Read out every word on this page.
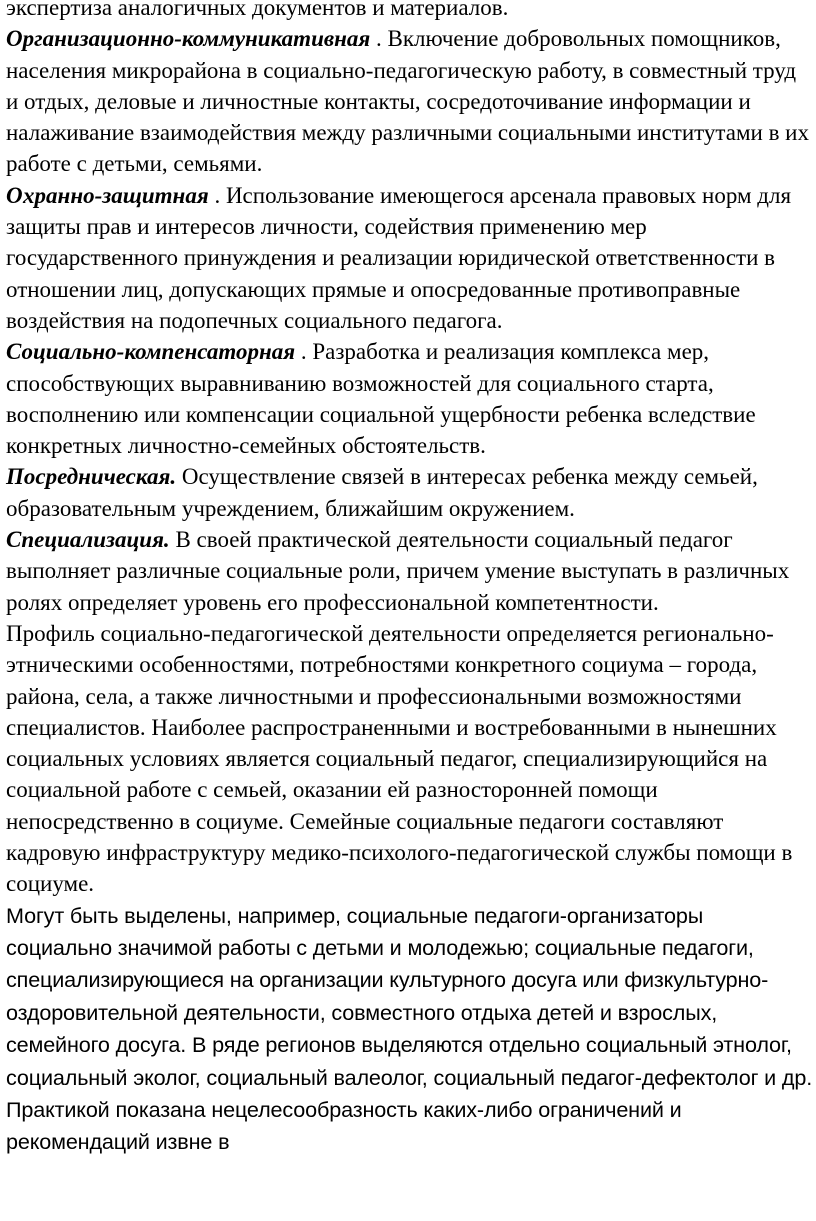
экспертиза аналогичных документов и материалов.

Организационно-коммуникативная . Включение добровольных помощников, населения микрорайона в социально-педагогическую работу, в совместный труд и отдых, деловые и личностные контакты, сосредоточивание информации и налаживание взаимодействия между различными социальными институтами в их работе с детьми, семьями.

Охранно-защитная . Использование имеющегося арсенала правовых норм для защиты прав и интересов личности, содействия применению мер государственного принуждения и реализации юридической ответственности в отношении лиц, допускающих прямые и опосредованные противоправные воздействия на подопечных социального педагога.

Социально-компенсаторная . Разработка и реализация комплекса мер, способствующих выравниванию возможностей для социального старта, восполнению или компенсации социальной ущербности ребенка вследствие конкретных личностно-семейных обстоятельств.

Посредническая. Осуществление связей в интересах ребенка между семьей, образовательным учреждением, ближайшим окружением.

Специализация. В своей практической деятельности социальный педагог выполняет различные социальные роли, причем умение выступать в различных ролях определяет уровень его профессиональной компетентности.

Профиль социально-педагогической деятельности определяется регионально-этническими особенностями, потребностями конкретного социума – города, района, села, а также личностными и профессиональными возможностями специалистов. Наиболее распространенными и востребованными в нынешних социальных условиях является социальный педагог, специализирующийся на социальной работе с семьей, оказании ей разносторонней помощи непосредственно в социуме. Семейные социальные педагоги составляют кадровую инфраструктуру медико-психолого-педагогической службы помощи в социуме.

Могут быть выделены, например, социальные педагоги-организаторы социально значимой работы с детьми и молодежью; социальные педагоги, специализирующиеся на организации культурного досуга или физкультурно-оздоровительной деятельности, совместного отдыха детей и взрослых, семейного досуга. В ряде регионов выделяются отдельно социальный этнолог, социальный эколог, социальный валеолог, социальный педагог-дефектолог и др. Практикой показана нецелесообразность каких-либо ограничений и рекомендаций извне в
